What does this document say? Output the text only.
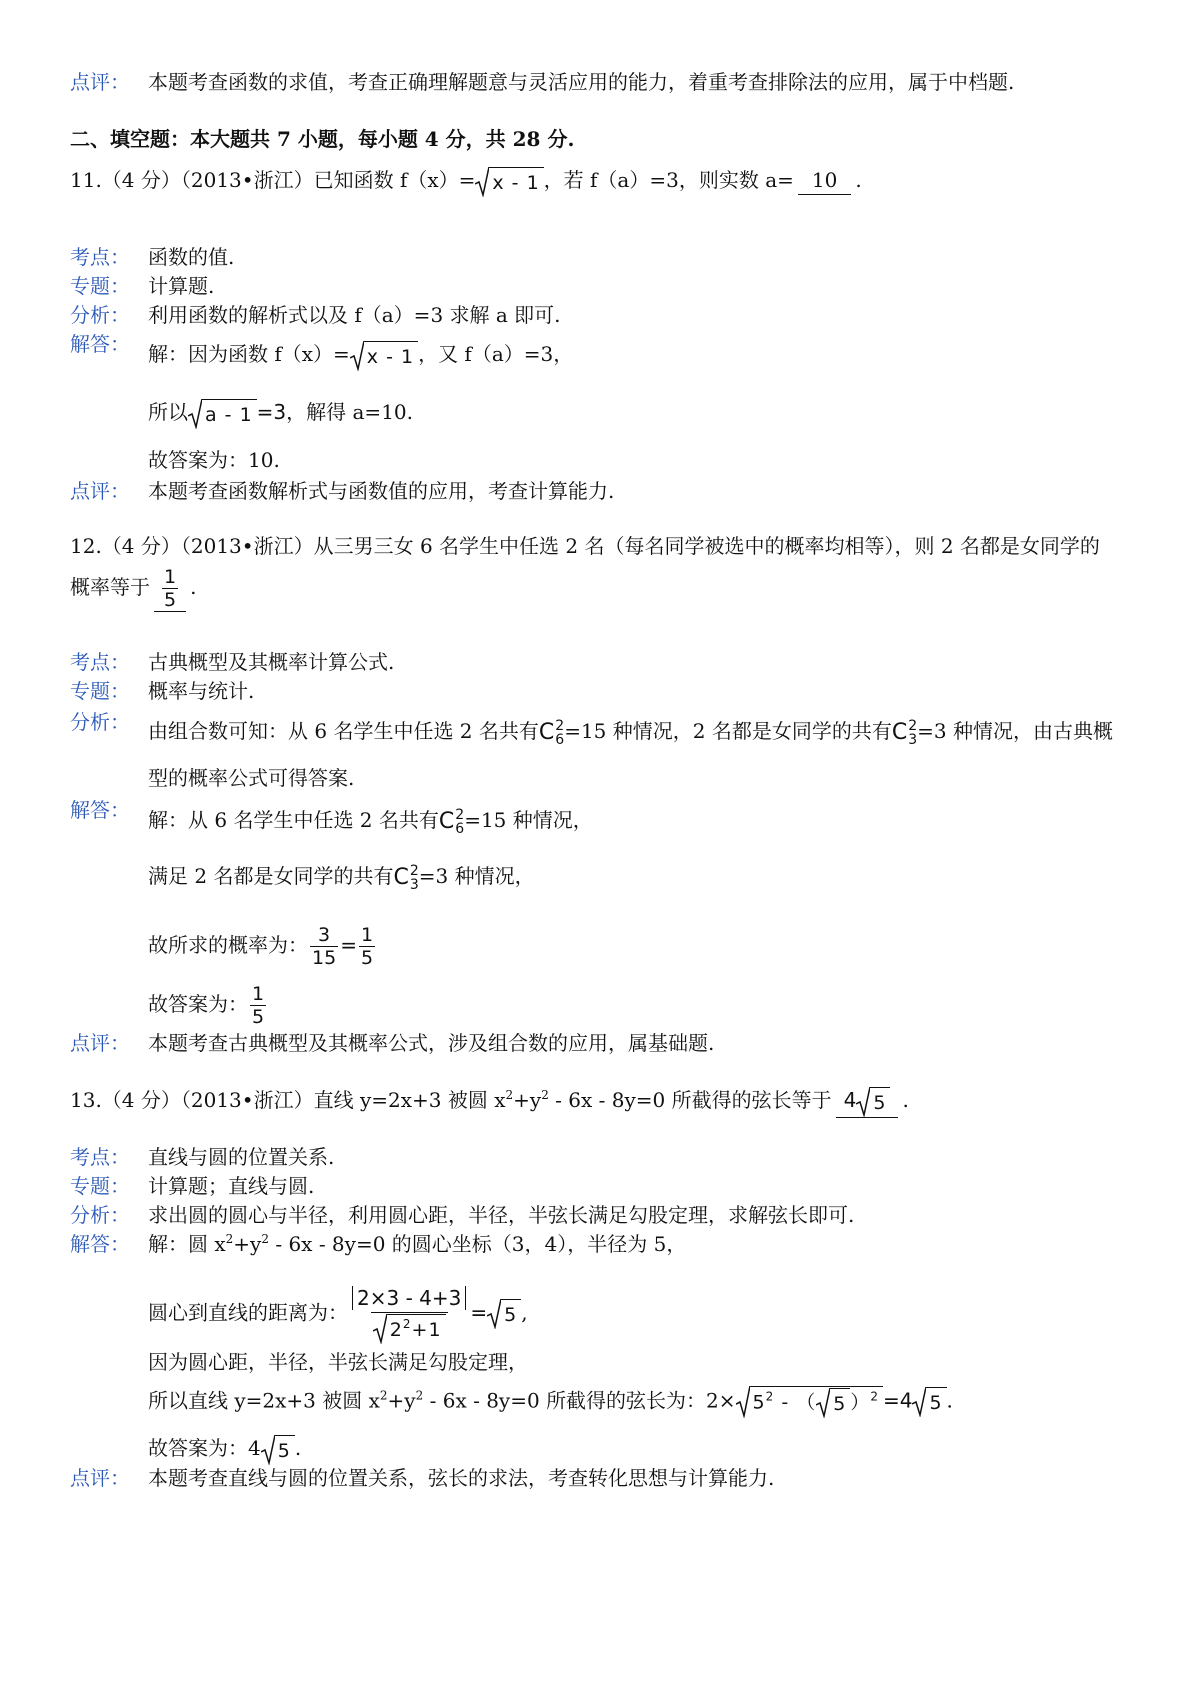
点评： 本题考查函数的求值，考查正确理解题意与灵活应用的能力，着重考查排除法的应用，属于中档题.
二、填空题：本大题共 7 小题，每小题 4 分，共 28 分.
11.（4 分）（2013•浙江）已知函数 f（x）= x - 1 ，若 f（a）=3，则实数 a= 10 .
考点： 函数的值.
专题： 计算题.
分析： 利用函数的解析式以及 f（a）=3 求解 a 即可.
解答： 解：因为函数 f（x）= x - 1 ，又 f（a）=3，
所以 a - 1 =3，解得 a=10.
故答案为：10.
点评： 本题考查函数解析式与函数值的应用，考查计算能力.
12.（4 分）（2013•浙江）从三男三女 6 名学生中任选 2 名（每名同学被选中的概率均相等），则 2 名都是女同学的
概率等于 $\frac{1}{5}$ .
考点： 古典概型及其概率计算公式.
专题： 概率与统计.
分析： 由组合数可知：从 6 名学生中任选 2 名共有 C 2
6 =15 种情况，2 名都是女同学的共有 C 2
3 =3 种情况，由古典概
型的概率公式可得答案.
解答： 解：从 6 名学生中任选 2 名共有 C 2
6 =15 种情况，
满足 2 名都是女同学的共有 C 2
3 =3 种情况，
故所求的概率为： $\frac{3}{15} = \frac{1}{5}$
故答案为： $\frac{1}{5}$
点评： 本题考查古典概型及其概率公式，涉及组合数的应用，属基础题.
13.（4 分）（2013•浙江）直线 y=2x+3 被圆 $x^2+y^2 - 6x - 8y=0$ 所截得的弦长等于 4 5 .
考点： 直线与圆的位置关系.
专题： 计算题；直线与圆.
分析： 求出圆的圆心与半径，利用圆心距，半径，半弦长满足勾股定理，求解弦长即可.
解答： 解：圆 $x^2+y^2 - 6x - 8y=0$ 的圆心坐标（3，4），半径为 5，
圆心到直线的距离为： $\frac{2\times 3 - 4+3}{2^2+1} = 5$ ,
因为圆心距，半径，半弦长满足勾股定理，
所以直线 y=2x+3 被圆 $x^2+y^2 - 6x - 8y=0$ 所截得的弦长为：$2\times 5^2$ - （ 5 ）$^2$ =4 5 .
故答案为：4 5 .
点评： 本题考查直线与圆的位置关系，弦长的求法，考查转化思想与计算能力.
